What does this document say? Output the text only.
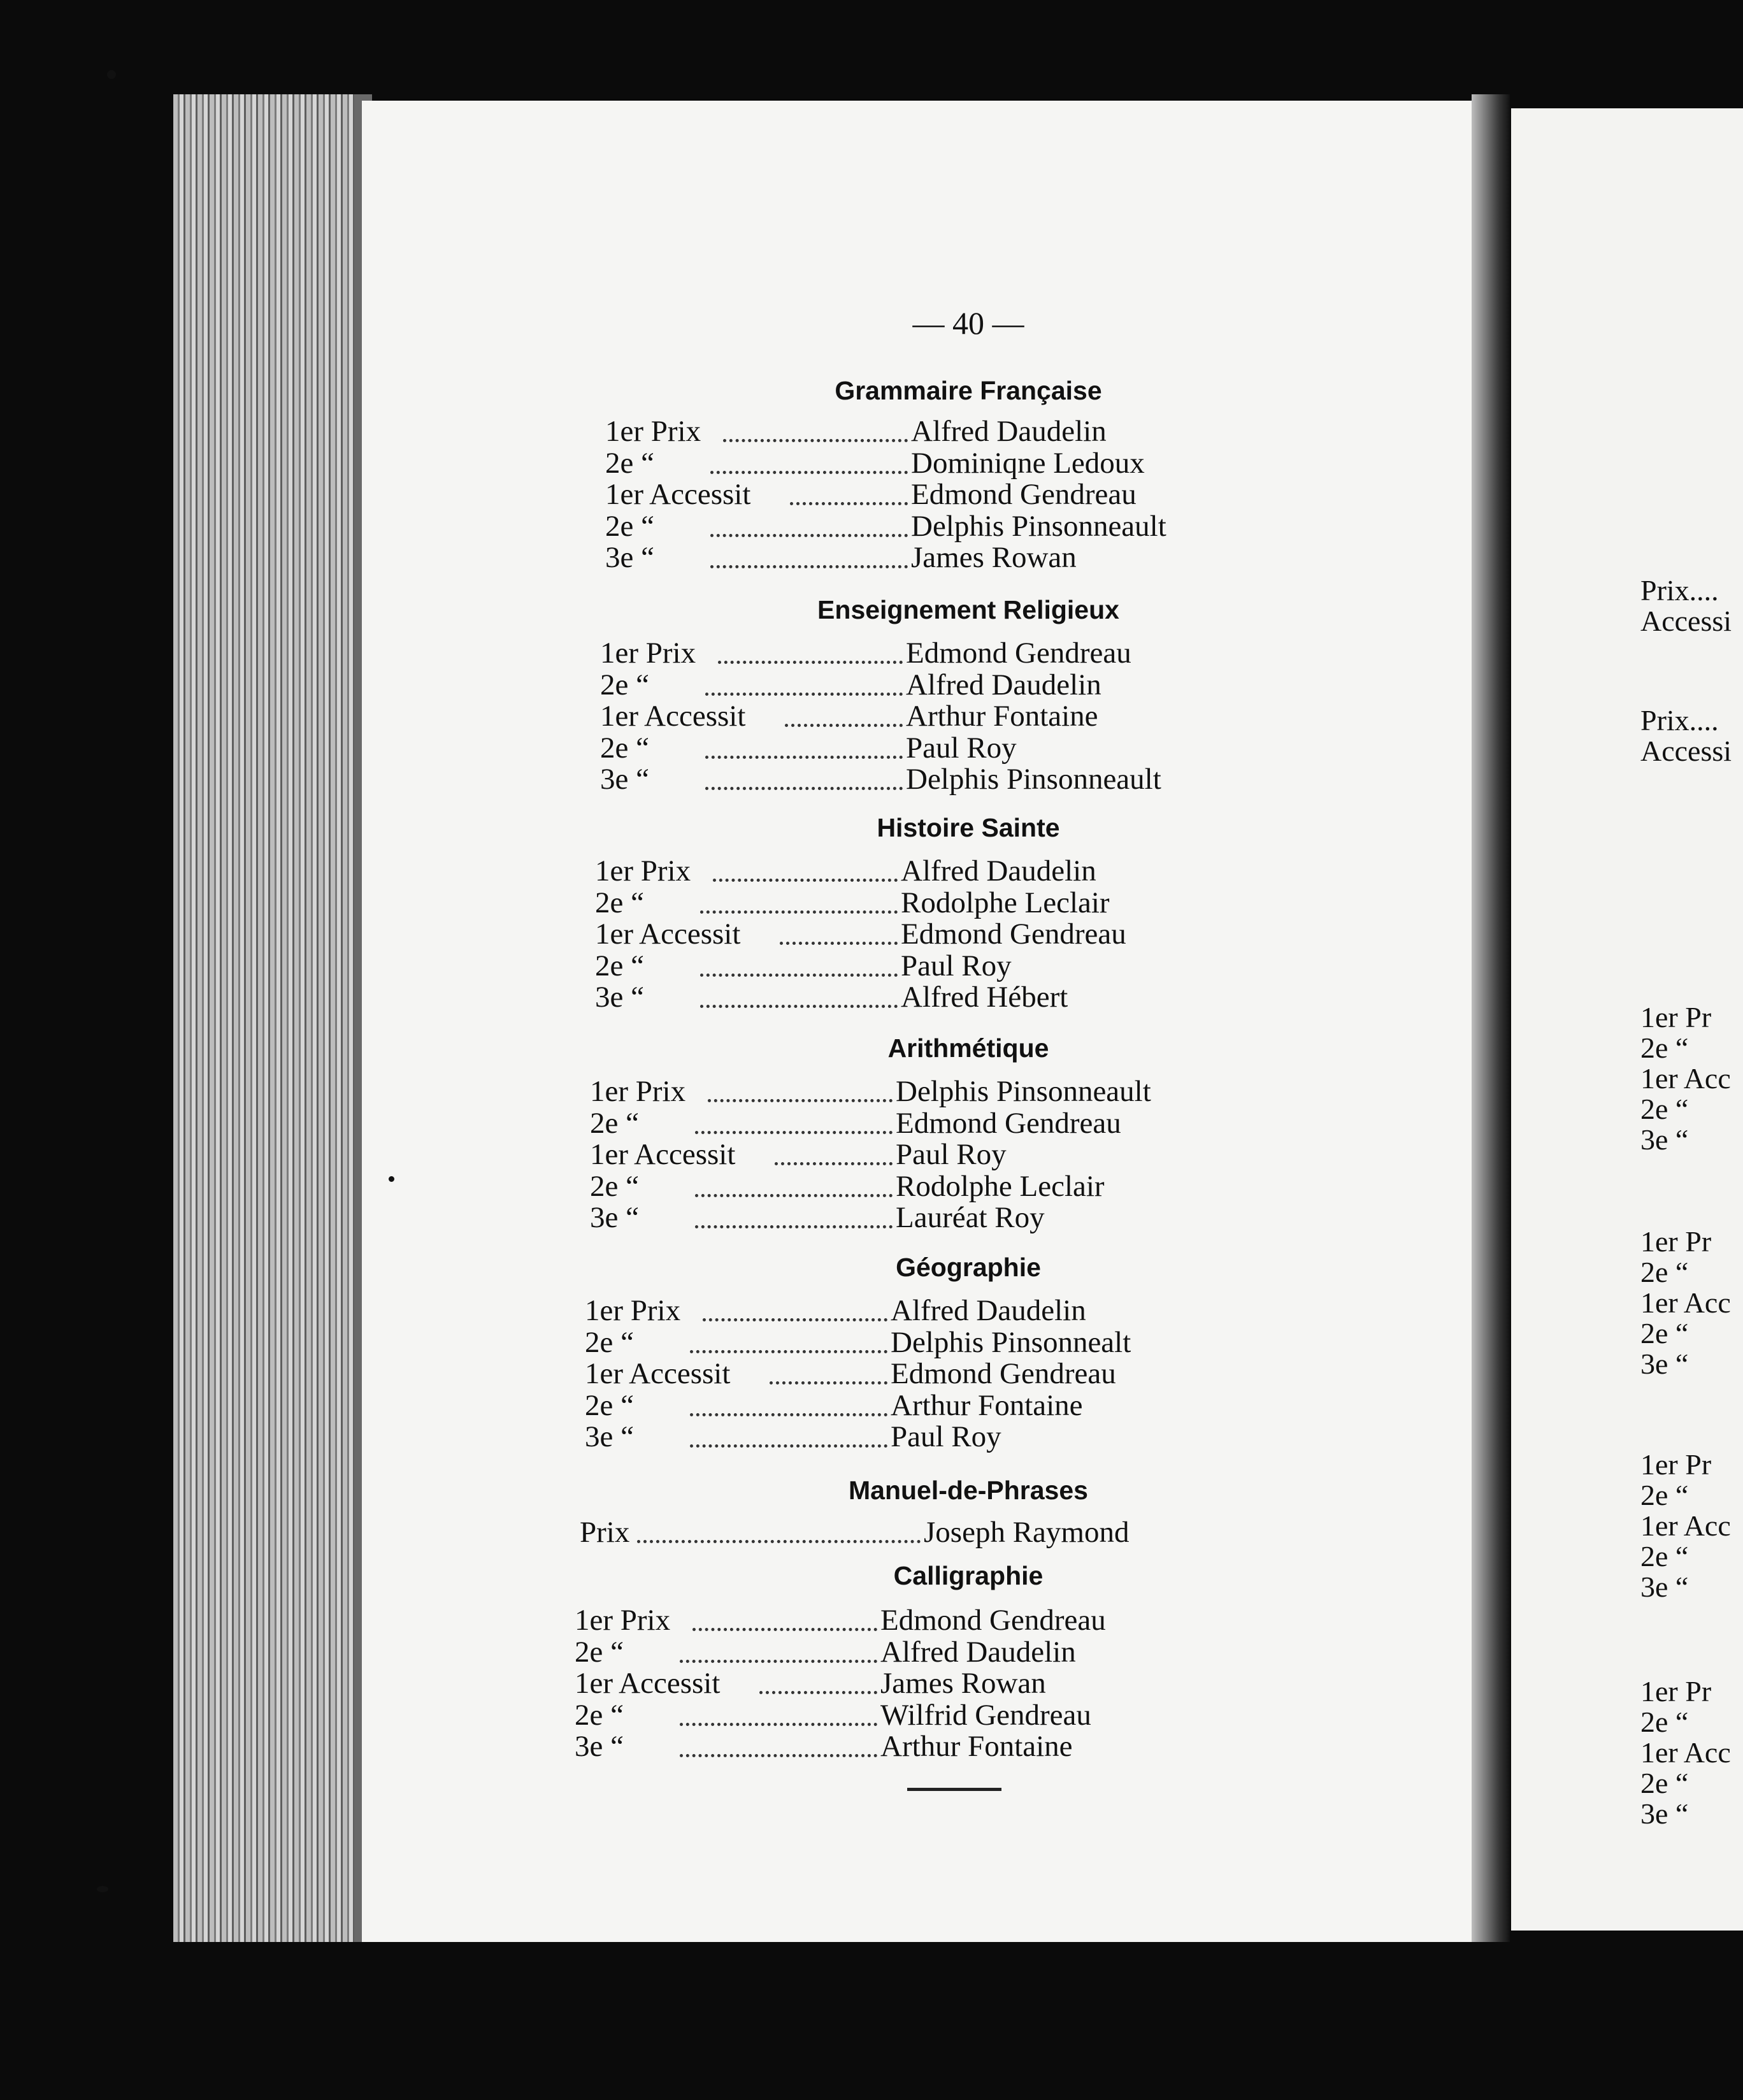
— 40 —
Grammaire Française
1er Prix	Alfred Daudelin
2e “	Dominiqne Ledoux
1er Accessit	Edmond Gendreau
2e “	Delphis Pinsonneault
3e “	James Rowan
Enseignement Religieux
1er Prix	Edmond Gendreau
2e “	Alfred Daudelin
1er Accessit	Arthur Fontaine
2e “	Paul Roy
3e “	Delphis Pinsonneault
Histoire Sainte
1er Prix	Alfred Daudelin
2e “	Rodolphe Leclair
1er Accessit	Edmond Gendreau
2e “	Paul Roy
3e “	Alfred Hébert
Arithmétique
1er Prix	Delphis Pinsonneault
2e “	Edmond Gendreau
1er Accessit	Paul Roy
2e “	Rodolphe Leclair
3e “	Lauréat Roy
Géographie
1er Prix	Alfred Daudelin
2e “	Delphis Pinsonnealt
1er Accessit	Edmond Gendreau
2e “	Arthur Fontaine
3e “	Paul Roy
Manuel-de-Phrases
Prix	Joseph Raymond
Calligraphie
1er Prix	Edmond Gendreau
2e “	Alfred Daudelin
1er Accessit	James Rowan
2e “	Wilfrid Gendreau
3e “	Arthur Fontaine
Prix....
Accessi
Prix....
Accessi
1er Pr
2e “
1er Acc
2e “
3e “
1er Pr
2e “
1er Acc
2e “
3e “
1er Pr
2e “
1er Acc
2e “
3e “
1er Pr
2e “
1er Acc
2e “
3e “
